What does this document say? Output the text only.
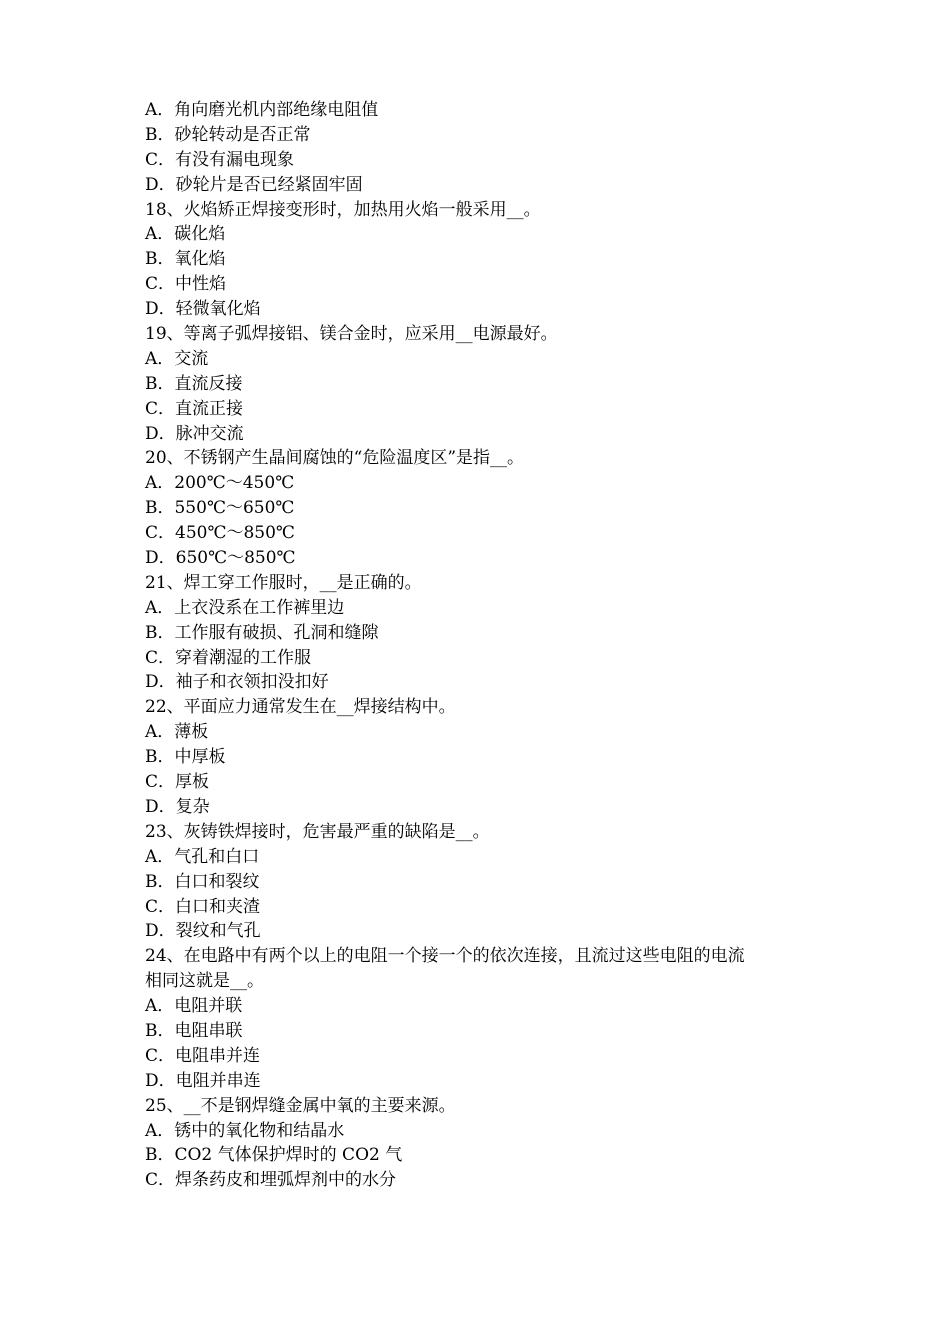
A．角向磨光机内部绝缘电阻值
B．砂轮转动是否正常
C．有没有漏电现象
D．砂轮片是否已经紧固牢固
18、火焰矫正焊接变形时，加热用火焰一般采用__。
A．碳化焰
B．氧化焰
C．中性焰
D．轻微氧化焰
19、等离子弧焊接铝、镁合金时，应采用__电源最好。
A．交流
B．直流反接
C．直流正接
D．脉冲交流
20、不锈钢产生晶间腐蚀的“危险温度区”是指__。
A．200℃～450℃
B．550℃～650℃
C．450℃～850℃
D．650℃～850℃
21、焊工穿工作服时，__是正确的。
A．上衣没系在工作裤里边
B．工作服有破损、孔洞和缝隙
C．穿着潮湿的工作服
D．袖子和衣领扣没扣好
22、平面应力通常发生在__焊接结构中。
A．薄板
B．中厚板
C．厚板
D．复杂
23、灰铸铁焊接时，危害最严重的缺陷是__。
A．气孔和白口
B．白口和裂纹
C．白口和夹渣
D．裂纹和气孔
24、在电路中有两个以上的电阻一个接一个的依次连接，且流过这些电阻的电流
相同这就是__。
A．电阻并联
B．电阻串联
C．电阻串并连
D．电阻并串连
25、__不是钢焊缝金属中氧的主要来源。
A．锈中的氧化物和结晶水
B．CO2 气体保护焊时的 CO2 气
C．焊条药皮和埋弧焊剂中的水分
